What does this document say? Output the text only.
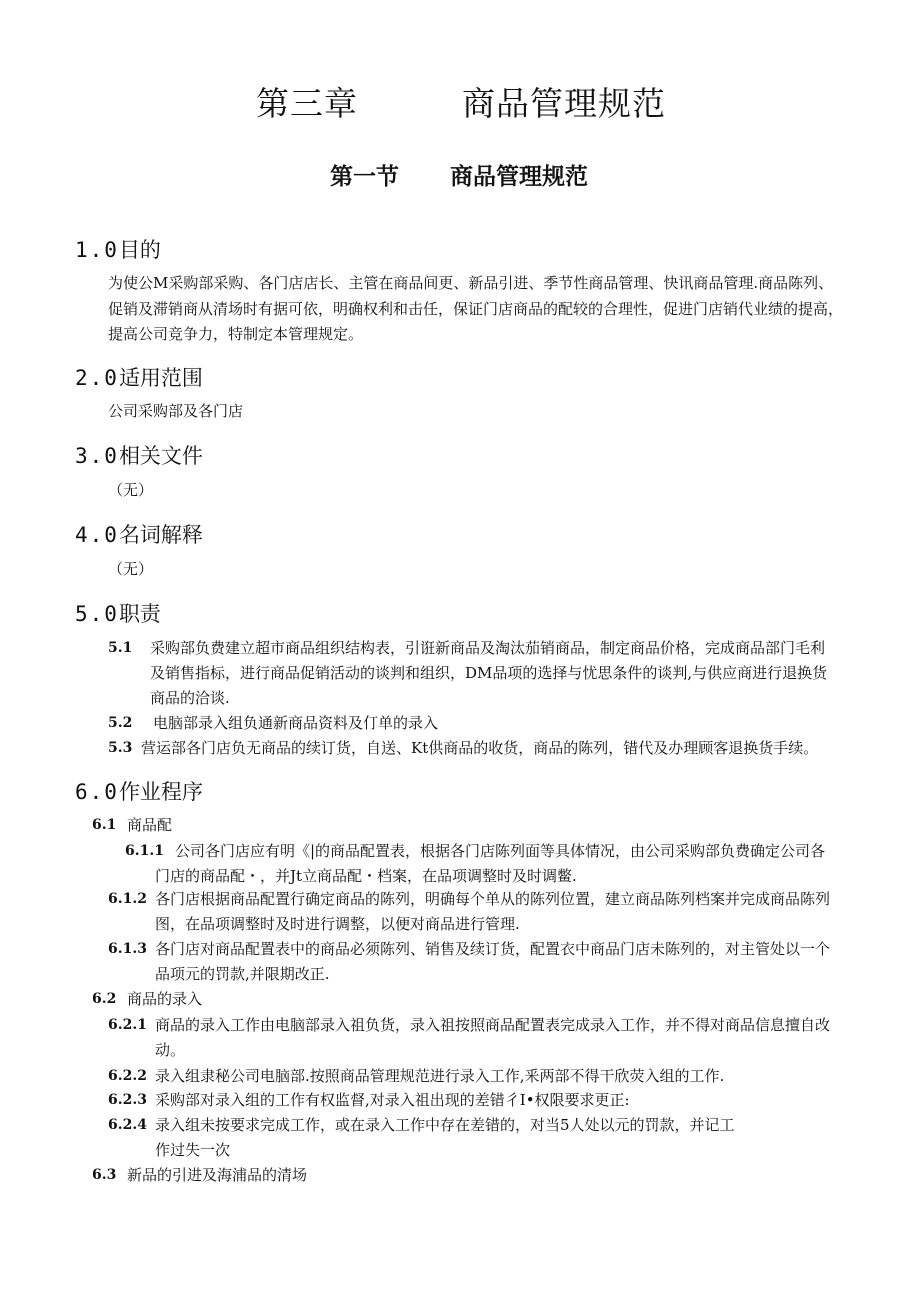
第三章	商品管理规范
第一节 商品管理规范
1.0目的
为使公M采购部采购、各门店店长、主管在商品间更、新品引进、季节性商品管理、快讯商品管理.商品陈列、
促销及滞销商从清场时有据可依，明确权利和击任，保证门店商品的配较的合理性，促进门店销代业绩的提高，
提高公司竞争力，特制定本管理规定。
2.0适用范围
公司采购部及各门店
3.0相关文件
（无）
4.0名词解释
（无）
5.0职责
5.1 采购部负费建立超市商品组织结构表，引诳新商品及淘汰茄销商品，制定商品价格，完成商品部门毛利
及销售指标，进行商品促销活动的谈判和组织，DM品项的选择与忧思条件的谈判,与供应商进行退换货
商品的洽谈.
5.2 电脑部录入组负通新商品资料及仃单的录入
5.3 营运部各门店负无商品的续订货，自送、Kt供商品的收货，商品的陈列，错代及办理顾客退换货手续。
6.0作业程序
6.1 商品配
6.1.1 公司各门店应有明《|的商品配置表，根据各门店陈列面等具体情况，由公司采购部负费确定公司各
门店的商品配・，并Jt立商品配・档案，在品项调整时及时调鳖.
6.1.2 各门店根据商品配置行确定商品的陈列，明确每个单从的陈列位置，建立商品陈列档案并完成商品陈列
图，在品项调整时及时进行调整，以便对商品进行管理.
6.1.3 各门店对商品配置表中的商品必须陈列、销售及续订货，配置衣中商品门店未陈列的，对主管处以一个
品项元的罚款,并限期改正.
6.2 商品的录入
6.2.1 商品的录入工作由电脑部录入祖负货，录入祖按照商品配置表完成录入工作，并不得对商品信息擅自改
动。
6.2.2 录入组隶秘公司电脑部.按照商品管理规范进行录入工作,釆两部不得干欣荧入组的工作.
6.2.3 采购部对录入组的工作有权监督,对录入祖出现的差错彳I•权限要求更正:
6.2.4 录入组未按要求完成工作，或在录入工作中存在差错的，对当5人处以元的罚款，并记工
作过失一次
6.3 新品的引进及海浦品的清场
